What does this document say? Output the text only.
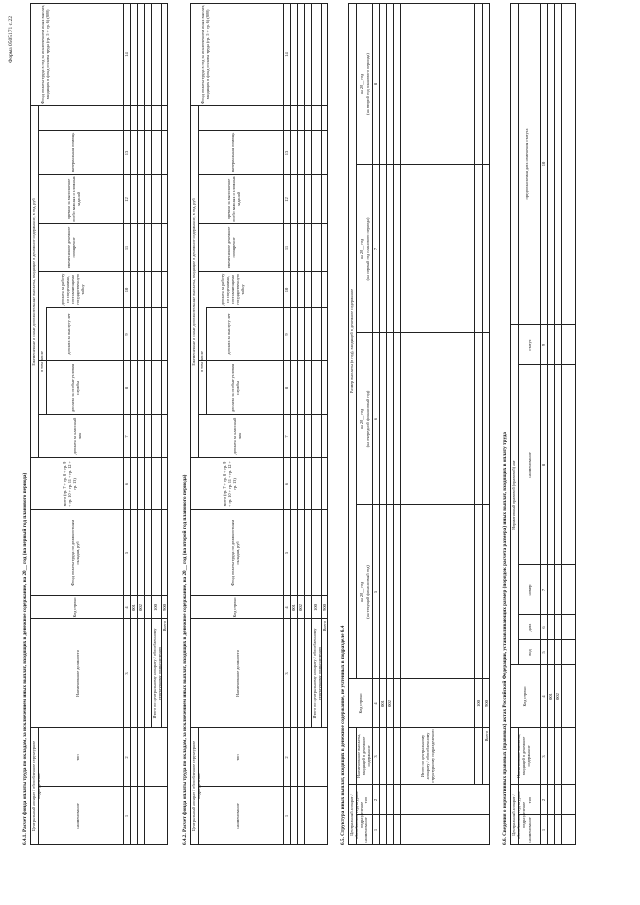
Форма 0505171 с.22
6.4.1. Расчет фонда оплаты труда по окладам, за исключением иных выплат, входящих в денежное содержание, на 20__ год (на первый год планового периода) Центральный аппарат / обособленное структурное подразделение
наименование
тип
Наименование должности
Код строки
Фонд оплаты труда по должностным окладам, руб
всего (гр. 7 + гр. 8 + гр. 9 + гр. 10 + гр. 11 + гр. 12 + гр. 13)
Ежемесячные и иные дополнительные выплаты, входящие в денежное содержание, в год, руб в том числе
доплата за классный чин
доплата за особые условия службы
доплата за выслугу лет
доплата за работу со сведениями, составляющими государственную тайну
ежемесячное денежное поощрение
премии за выполнение особо важных и сложных заданий
материальная помощь
Фонд оплаты труда в год за исключением иных выплат, входящих в фонд оплаты труда (гр. 5 + гр. 6) (800)
1
2
3
4
5
6
7
8
9
10
11
12
13
14
001 002
Итого по центральному аппарату / обособленному структурному подразделению
100
Всего
900	6.4.2. Расчет фонда оплаты труда по окладам, за исключением иных выплат, входящих в денежное содержание, на 20__ год (на второй год планового периода) Центральный аппарат / обособленное структурное подразделение
наименование
тип
Наименование должности
Код строки
Фонд оплаты труда по должностным окладам, руб
всего (гр. 7 + гр. 8 + гр. 9 + гр. 10 + гр. 11 + гр. 12 + гр. 13)
Ежемесячные и иные дополнительные выплаты, входящие в денежное содержание, в год, руб в том числе
доплата за классный чин
доплата за особые условия службы
доплата за выслугу лет
доплата за работу со сведениями, составляющими государственную тайну
ежемесячное денежное поощрение
премии за выполнение особо важных и сложных заданий
материальная помощь
Фонд оплаты труда в год за исключением иных выплат, входящих в фонд оплаты труда (гр. 5 + гр. 6) (800)
1
2
3
4
5
6
7
8
9
10
11
12
13
14
001 002
Итого по центральному аппарату / обособленному структурному подразделению
100
Всего
900
6.5. Структура иных выплат, входящих в денежное содержание, не учтенных в подразделе 6.4 Центральный аппарат / обособленное структурное подразделение
наименование
тип
Наименование выплаты, входящей в денежное содержание
Код строки
Размер выплаты (в год), входящей в денежное содержание
на 20__ год (на текущий финансовый год)
на 20__ год (на очередной финансовый год)
на 20__ год (на первый год планового периода)
на 20__ год (на второй год планового периода)
1
2
3
4
5
6
7
8
001 002
Итого по центральному аппарату / обособленному структурному подразделению
100
Всего
900	6.6. Сведения о нормативных правовых (правовых) актах Российской Федерации, устанавливающих размер (порядок расчета размера) иных выплат, входящих в оплату труда Центральный аппарат / обособленное структурное подразделение
наименование
тип
Наименование выплаты, входящей в денежное содержание
Код строки
Нормативный правовой (правовой) акт
вид
дата
номер
наименование
статус
предполагаемая дата изменения статуса
1
2
3
4
5
6
7
8
9
10
001 002
